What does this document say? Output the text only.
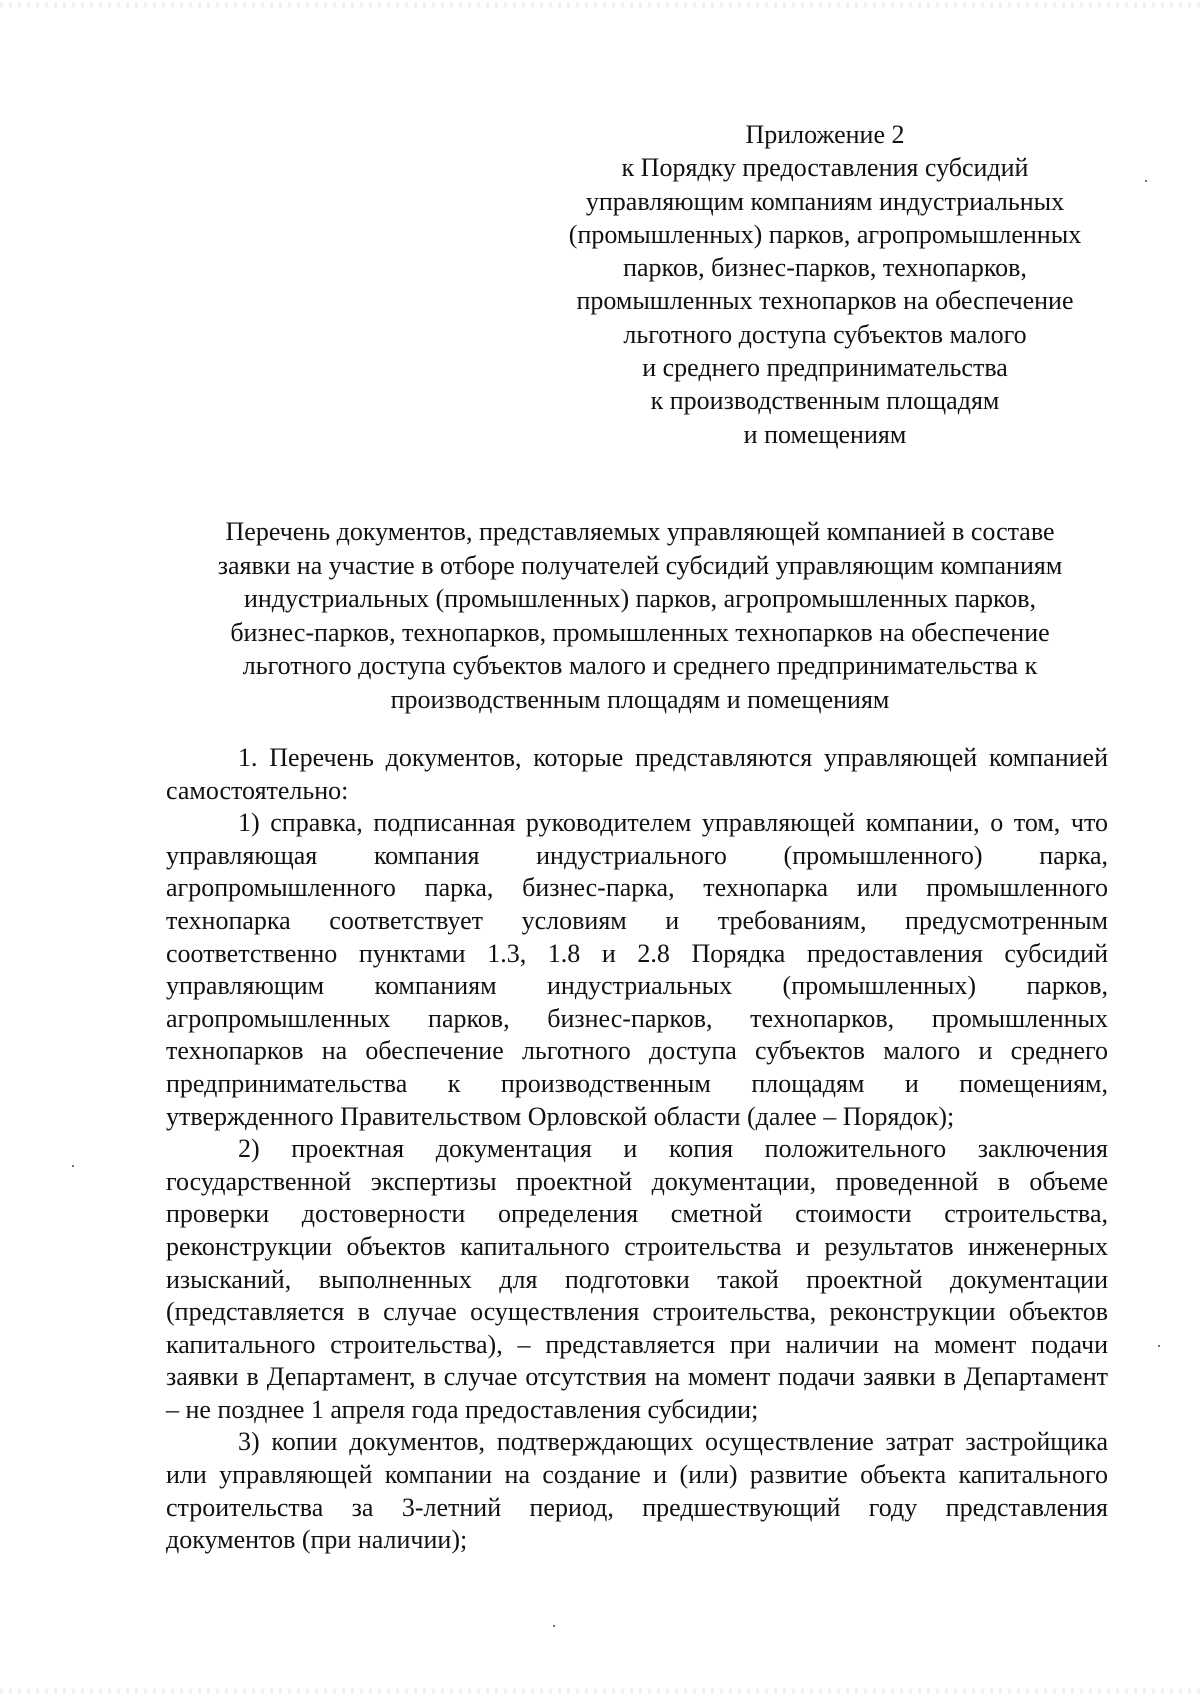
Приложение 2
к Порядку предоставления субсидий
управляющим компаниям индустриальных
(промышленных) парков, агропромышленных
парков, бизнес-парков, технопарков,
промышленных технопарков на обеспечение
льготного доступа субъектов малого
и среднего предпринимательства
к производственным площадям
и помещениям
Перечень документов, представляемых управляющей компанией в составе
заявки на участие в отборе получателей субсидий управляющим компаниям
индустриальных (промышленных) парков, агропромышленных парков,
бизнес-парков, технопарков, промышленных технопарков на обеспечение
льготного доступа субъектов малого и среднего предпринимательства к
производственным площадям и помещениям

1. Перечень документов, которые представляются управляющей компанией самостоятельно:

1) справка, подписанная руководителем управляющей компании, о том, что управляющая компания индустриального (промышленного) парка, агропромышленного парка, бизнес-парка, технопарка или промышленного технопарка соответствует условиям и требованиям, предусмотренным соответственно пунктами 1.3, 1.8 и 2.8 Порядка предоставления субсидий управляющим компаниям индустриальных (промышленных) парков, агропромышленных парков, бизнес-парков, технопарков, промышленных технопарков на обеспечение льготного доступа субъектов малого и среднего предпринимательства к производственным площадям и помещениям, утвержденного Правительством Орловской области (далее – Порядок);

2) проектная документация и копия положительного заключения государственной экспертизы проектной документации, проведенной в объеме проверки достоверности определения сметной стоимости строительства, реконструкции объектов капитального строительства и результатов инженерных изысканий, выполненных для подготовки такой проектной документации (представляется в случае осуществления строительства, реконструкции объектов капитального строительства), – представляется при наличии на момент подачи заявки в Департамент, в случае отсутствия на момент подачи заявки в Департамент – не позднее 1 апреля года предоставления субсидии;

3) копии документов, подтверждающих осуществление затрат застройщика или управляющей компании на создание и (или) развитие объекта капитального строительства за 3-летний период, предшествующий году представления документов (при наличии);
